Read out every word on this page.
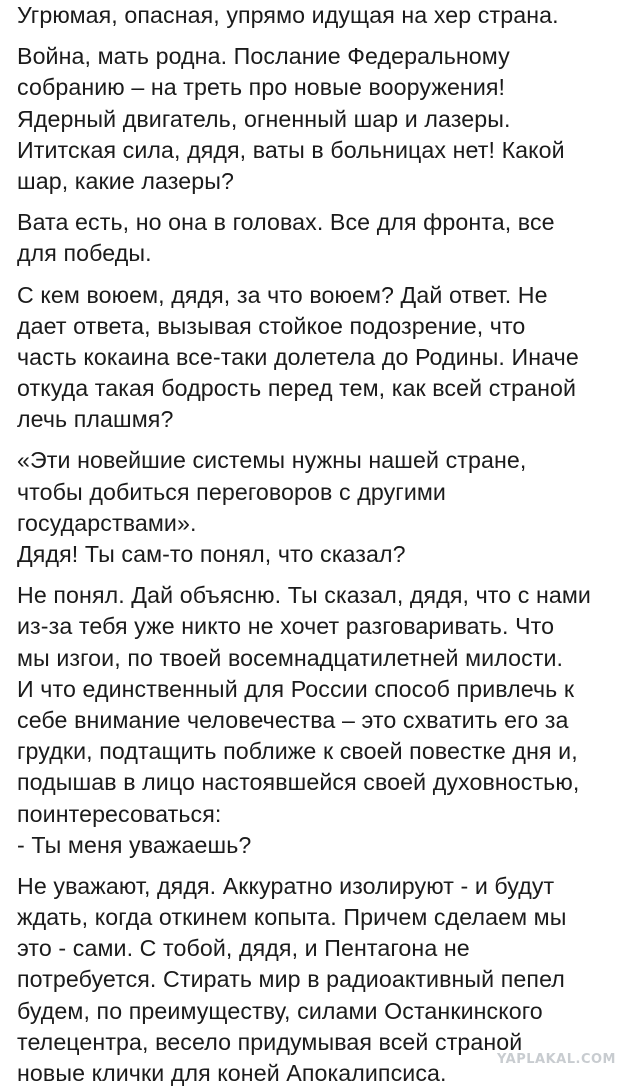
Угрюмая, опасная, упрямо идущая на хер страна.
Война, мать родна. Послание Федеральному
собранию – на треть про новые вооружения!
Ядерный двигатель, огненный шар и лазеры.
Ититская сила, дядя, ваты в больницах нет! Какой
шар, какие лазеры?
Вата есть, но она в головах. Все для фронта, все
для победы.
С кем воюем, дядя, за что воюем? Дай ответ. Не
дает ответа, вызывая стойкое подозрение, что
часть кокаина все-таки долетела до Родины. Иначе
откуда такая бодрость перед тем, как всей страной
лечь плашмя?
«Эти новейшие системы нужны нашей стране,
чтобы добиться переговоров с другими
государствами».
Дядя! Ты сам-то понял, что сказал?
Не понял. Дай объясню. Ты сказал, дядя, что с нами
из-за тебя уже никто не хочет разговаривать. Что
мы изгои, по твоей восемнадцатилетней милости.
И что единственный для России способ привлечь к
себе внимание человечества – это схватить его за
грудки, подтащить поближе к своей повестке дня и,
подышав в лицо настоявшейся своей духовностью,
поинтересоваться:
- Ты меня уважаешь?
Не уважают, дядя. Аккуратно изолируют - и будут
ждать, когда откинем копыта. Причем сделаем мы
это - сами. С тобой, дядя, и Пентагона не
потребуется. Стирать мир в радиоактивный пепел
будем, по преимуществу, силами Останкинского
телецентра, весело придумывая всей страной
новые клички для коней Апокалипсиса.
YAPLAKAL.COM
